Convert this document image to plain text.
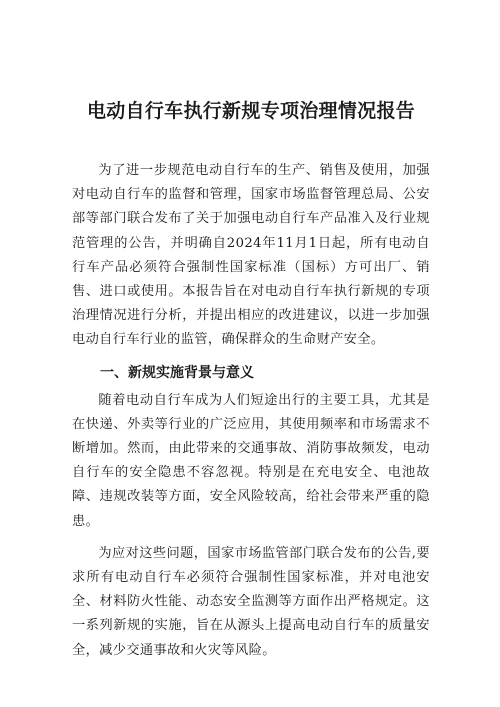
电动自行车执行新规专项治理情况报告

为了进一步规范电动自行车的生产、销售及使用，加强对电动自行车的监督和管理，国家市场监督管理总局、公安部等部门联合发布了关于加强电动自行车产品准入及行业规范管理的公告，并明确自2024年11月1日起，所有电动自行车产品必须符合强制性国家标准（国标）方可出厂、销售、进口或使用。本报告旨在对电动自行车执行新规的专项治理情况进行分析，并提出相应的改进建议，以进一步加强电动自行车行业的监管，确保群众的生命财产安全。

一、新规实施背景与意义

随着电动自行车成为人们短途出行的主要工具，尤其是在快递、外卖等行业的广泛应用，其使用频率和市场需求不断增加。然而，由此带来的交通事故、消防事故频发，电动自行车的安全隐患不容忽视。特别是在充电安全、电池故障、违规改装等方面，安全风险较高，给社会带来严重的隐患。

为应对这些问题，国家市场监管部门联合发布的公告,要求所有电动自行车必须符合强制性国家标准，并对电池安全、材料防火性能、动态安全监测等方面作出严格规定。这一系列新规的实施，旨在从源头上提高电动自行车的质量安全，减少交通事故和火灾等风险。
